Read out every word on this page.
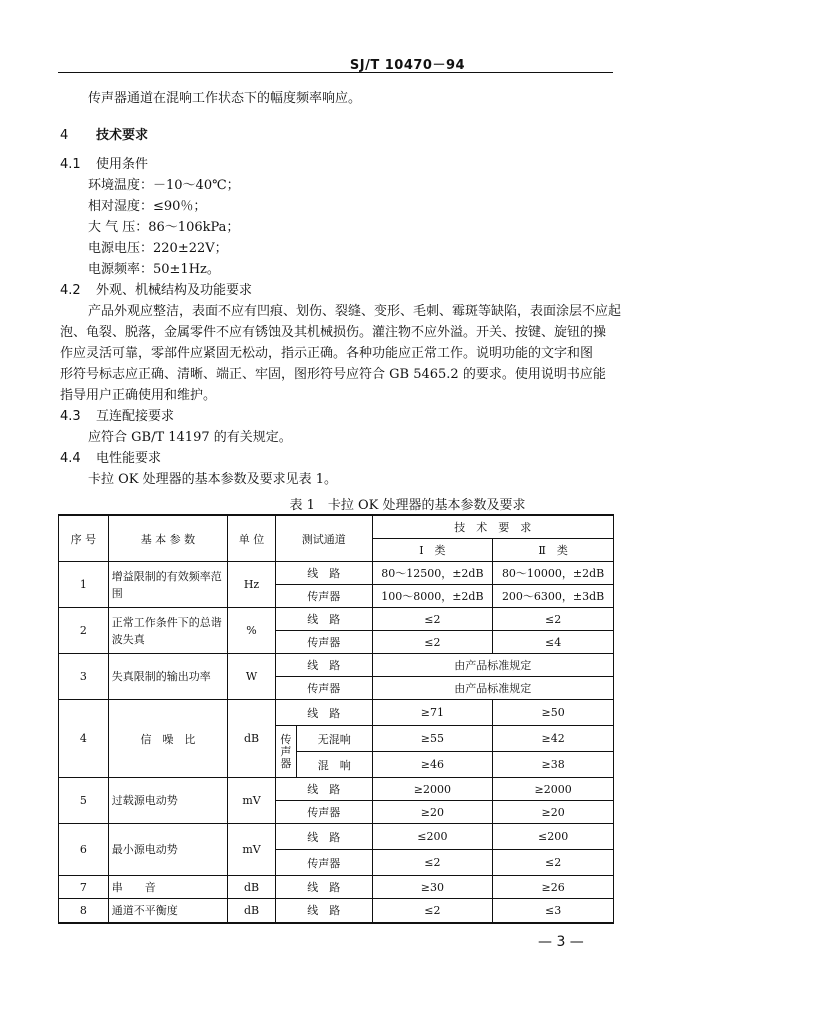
SJ/T 10470－94
传声器通道在混响工作状态下的幅度频率响应。
4 技术要求
4.1 使用条件
环境温度：－10～40℃；
相对湿度：≤90％；
大 气 压：86～106kPa；
电源电压：220±22V；
电源频率：50±1Hz。
4.2 外观、机械结构及功能要求
产品外观应整洁，表面不应有凹痕、划伤、裂缝、变形、毛刺、霉斑等缺陷，表面涂层不应起
泡、龟裂、脱落，金属零件不应有锈蚀及其机械损伤。灌注物不应外溢。开关、按键、旋钮的操
作应灵活可靠，零部件应紧固无松动，指示正确。各种功能应正常工作。说明功能的文字和图
形符号标志应正确、清晰、端正、牢固，图形符号应符合 GB 5465.2 的要求。使用说明书应能
指导用户正确使用和维护。
4.3 互连配接要求
应符合 GB/T 14197 的有关规定。
4.4 电性能要求
卡拉 OK 处理器的基本参数及要求见表 1。
表 1　卡拉 OK 处理器的基本参数及要求
序 号	基 本 参 数	单 位	测试通道		技　术　要　求	
					Ⅰ　类	Ⅱ　类
1	增益限制的有效频率范围	Hz	线　路		80～12500，±2dB	80～10000，±2dB
			传声器		100～8000，±2dB	200～6300，±3dB
2	正常工作条件下的总谐波失真	%	线　路		≤2	≤2
			传声器		≤2	≤4
3	失真限制的输出功率	W	线　路		由产品标准规定	
			传声器		由产品标准规定	
4	信　噪　比	dB	线　路		≥71	≥50
			传声器	无混响	≥55	≥42
				混　响	≥46	≥38
5	过载源电动势	mV	线　路		≥2000	≥2000
			传声器		≥20	≥20
6	最小源电动势	mV	线　路		≤200	≤200
			传声器		≤2	≤2
7	串　　音	dB	线　路		≥30	≥26
8	通道不平衡度	dB	线　路		≤2	≤3
— 3 —
